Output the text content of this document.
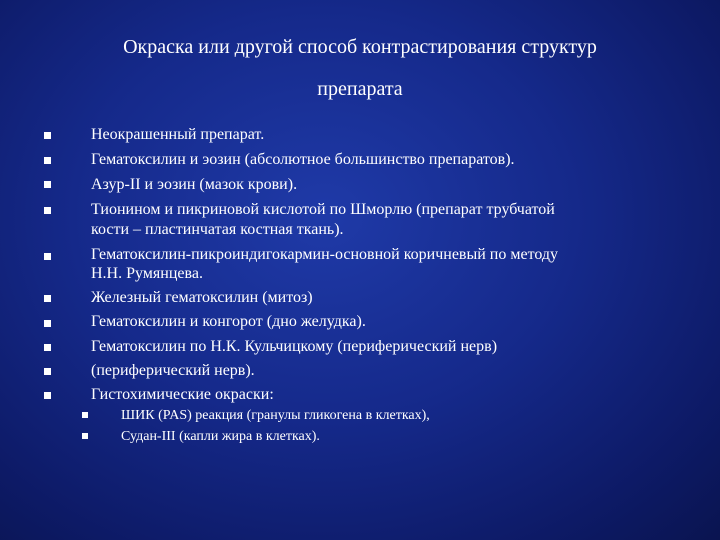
Окраска или другой способ контрастирования структур
препарата
Неокрашенный препарат.
Гематоксилин и эозин (абсолютное большинство препаратов).
Азур-II и эозин (мазок крови).
Тионином и пикриновой кислотой по Шморлю (препарат трубчатой
кости – пластинчатая костная ткань).
Гематоксилин-пикроиндигокармин-основной коричневый по методу
Н.Н. Румянцева.
Железный гематоксилин (митоз)
Гематоксилин и конгорот (дно желудка).
Гематоксилин по Н.К. Кульчицкому (периферический нерв)
(периферический нерв).
Гистохимические окраски:
ШИК (PAS) реакция (гранулы гликогена в клетках),
Судан-III (капли жира в клетках).
